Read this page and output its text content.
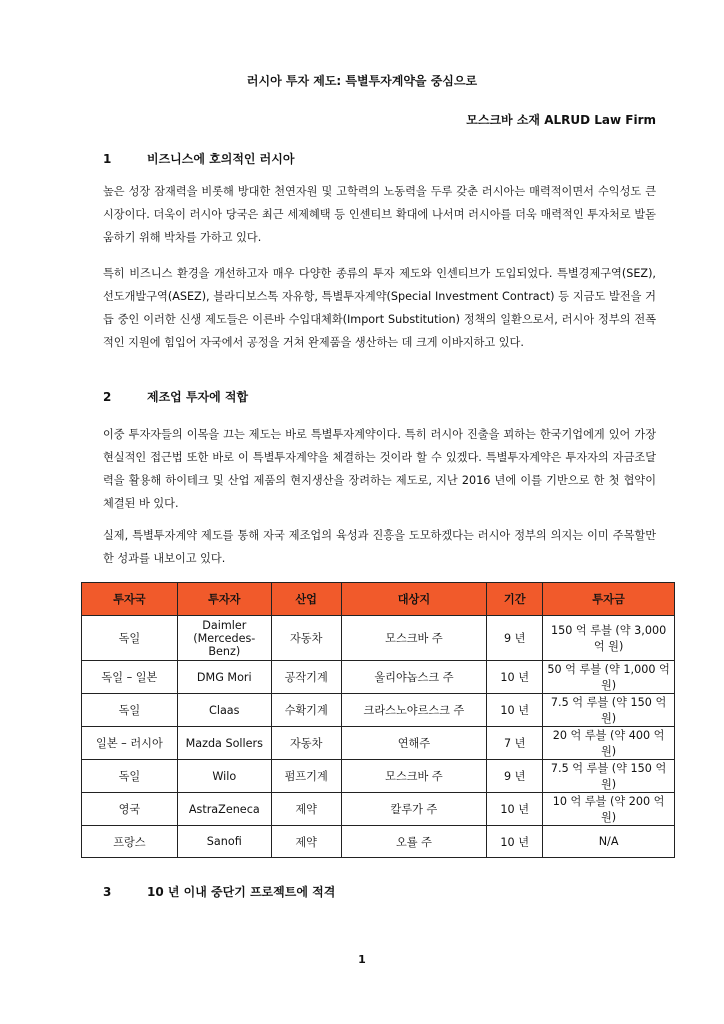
러시아 투자 제도: 특별투자계약을 중심으로
모스크바 소재 ALRUD Law Firm
1	비즈니스에 호의적인 러시아

높은 성장 잠재력을 비롯해 방대한 천연자원 및 고학력의 노동력을 두루 갖춘 러시아는 매력적이면서 수익성도 큰 시장이다. 더욱이 러시아 당국은 최근 세제혜택 등 인센티브 확대에 나서며 러시아를 더욱 매력적인 투자처로 발돋움하기 위해 박차를 가하고 있다.

특히 비즈니스 환경을 개선하고자 매우 다양한 종류의 투자 제도와 인센티브가 도입되었다. 특별경제구역(SEZ), 선도개발구역(ASEZ), 블라디보스톡 자유항, 특별투자계약(Special Investment Contract) 등 지금도 발전을 거듭 중인 이러한 신생 제도들은 이른바 수입대체화(Import Substitution) 정책의 일환으로서, 러시아 정부의 전폭적인 지원에 힘입어 자국에서 공정을 거쳐 완제품을 생산하는 데 크게 이바지하고 있다.

2	제조업 투자에 적합

이중 투자자들의 이목을 끄는 제도는 바로 특별투자계약이다. 특히 러시아 진출을 꾀하는 한국기업에게 있어 가장 현실적인 접근법 또한 바로 이 특별투자계약을 체결하는 것이라 할 수 있겠다. 특별투자계약은 투자자의 자금조달력을 활용해 하이테크 및 산업 제품의 현지생산을 장려하는 제도로, 지난 2016 년에 이를 기반으로 한 첫 협약이 체결된 바 있다.

실제, 특별투자계약 제도를 통해 자국 제조업의 육성과 진흥을 도모하겠다는 러시아 정부의 의지는 이미 주목할만한 성과를 내보이고 있다.

투자국	투자자	산업	대상지	기간	투자금
독일	Daimler (Mercedes-Benz)	자동차	모스크바 주	9 년	150 억 루블 (약 3,000 억 원)
독일 – 일본	DMG Mori	공작기계	울리야놉스크 주	10 년	50 억 루블 (약 1,000 억 원)
독일	Claas	수확기계	크라스노야르스크 주	10 년	7.5 억 루블 (약 150 억 원)
일본 – 러시아	Mazda Sollers	자동차	연해주	7 년	20 억 루블 (약 400 억 원)
독일	Wilo	펌프기계	모스크바 주	9 년	7.5 억 루블 (약 150 억 원)
영국	AstraZeneca	제약	칼루가 주	10 년	10 억 루블 (약 200 억 원)
프랑스	Sanofi	제약	오룔 주	10 년	N/A
3	10 년 이내 중단기 프로젝트에 적격
1
